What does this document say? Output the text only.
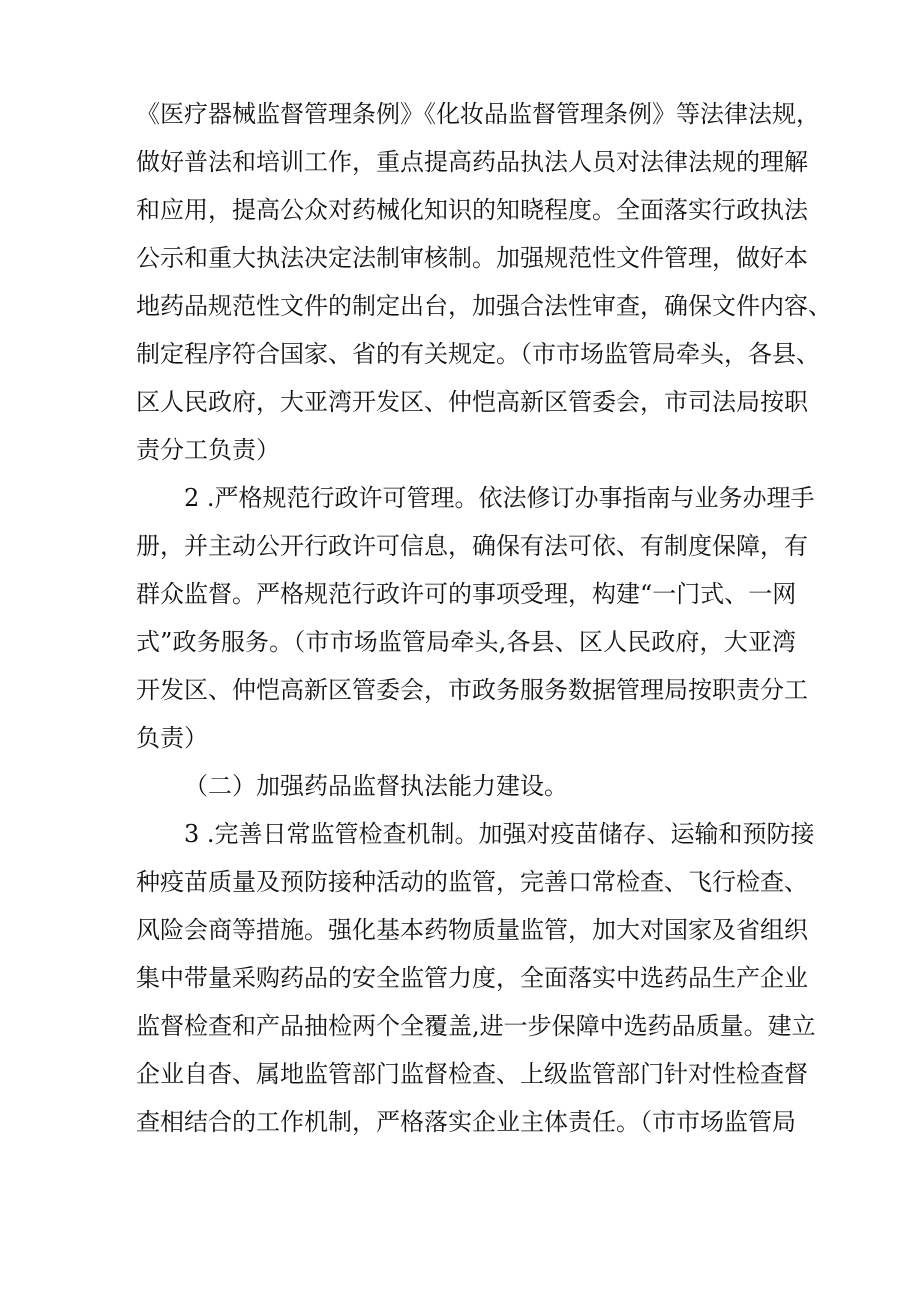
《医疗器械监督管理条例》《化妆品监督管理条例》等法律法规，
做好普法和培训工作，重点提高药品执法人员对法律法规的理解
和应用，提高公众对药械化知识的知晓程度。全面落实行政执法
公示和重大执法决定法制审核制。加强规范性文件管理，做好本
地药品规范性文件的制定出台，加强合法性审查，确保文件内容、
制定程序符合国家、省的有关规定。（市市场监管局牵头，各县、
区人民政府，大亚湾开发区、仲恺高新区管委会，市司法局按职
责分工负责）
2 .严格规范行政许可管理。依法修订办事指南与业务办理手
册，并主动公开行政许可信息，确保有法可依、有制度保障，有
群众监督。严格规范行政许可的事项受理，构建“一门式、一网
式”政务服务。（市市场监管局牵头,各县、区人民政府，大亚湾
开发区、仲恺高新区管委会，市政务服务数据管理局按职责分工
负责）
（二）加强药品监督执法能力建设。
3 .完善日常监管检查机制。加强对疫苗储存、运输和预防接
种疫苗质量及预防接种活动的监管，完善口常检查、飞行检查、
风险会商等措施。强化基本药物质量监管，加大对国家及省组织
集中带量采购药品的安全监管力度，全面落实中选药品生产企业
监督检查和产品抽检两个全覆盖,进一步保障中选药品质量。建立
企业自杳、属地监管部门监督检查、上级监管部门针对性检查督
查相结合的工作机制，严格落实企业主体责任。（市市场监管局
